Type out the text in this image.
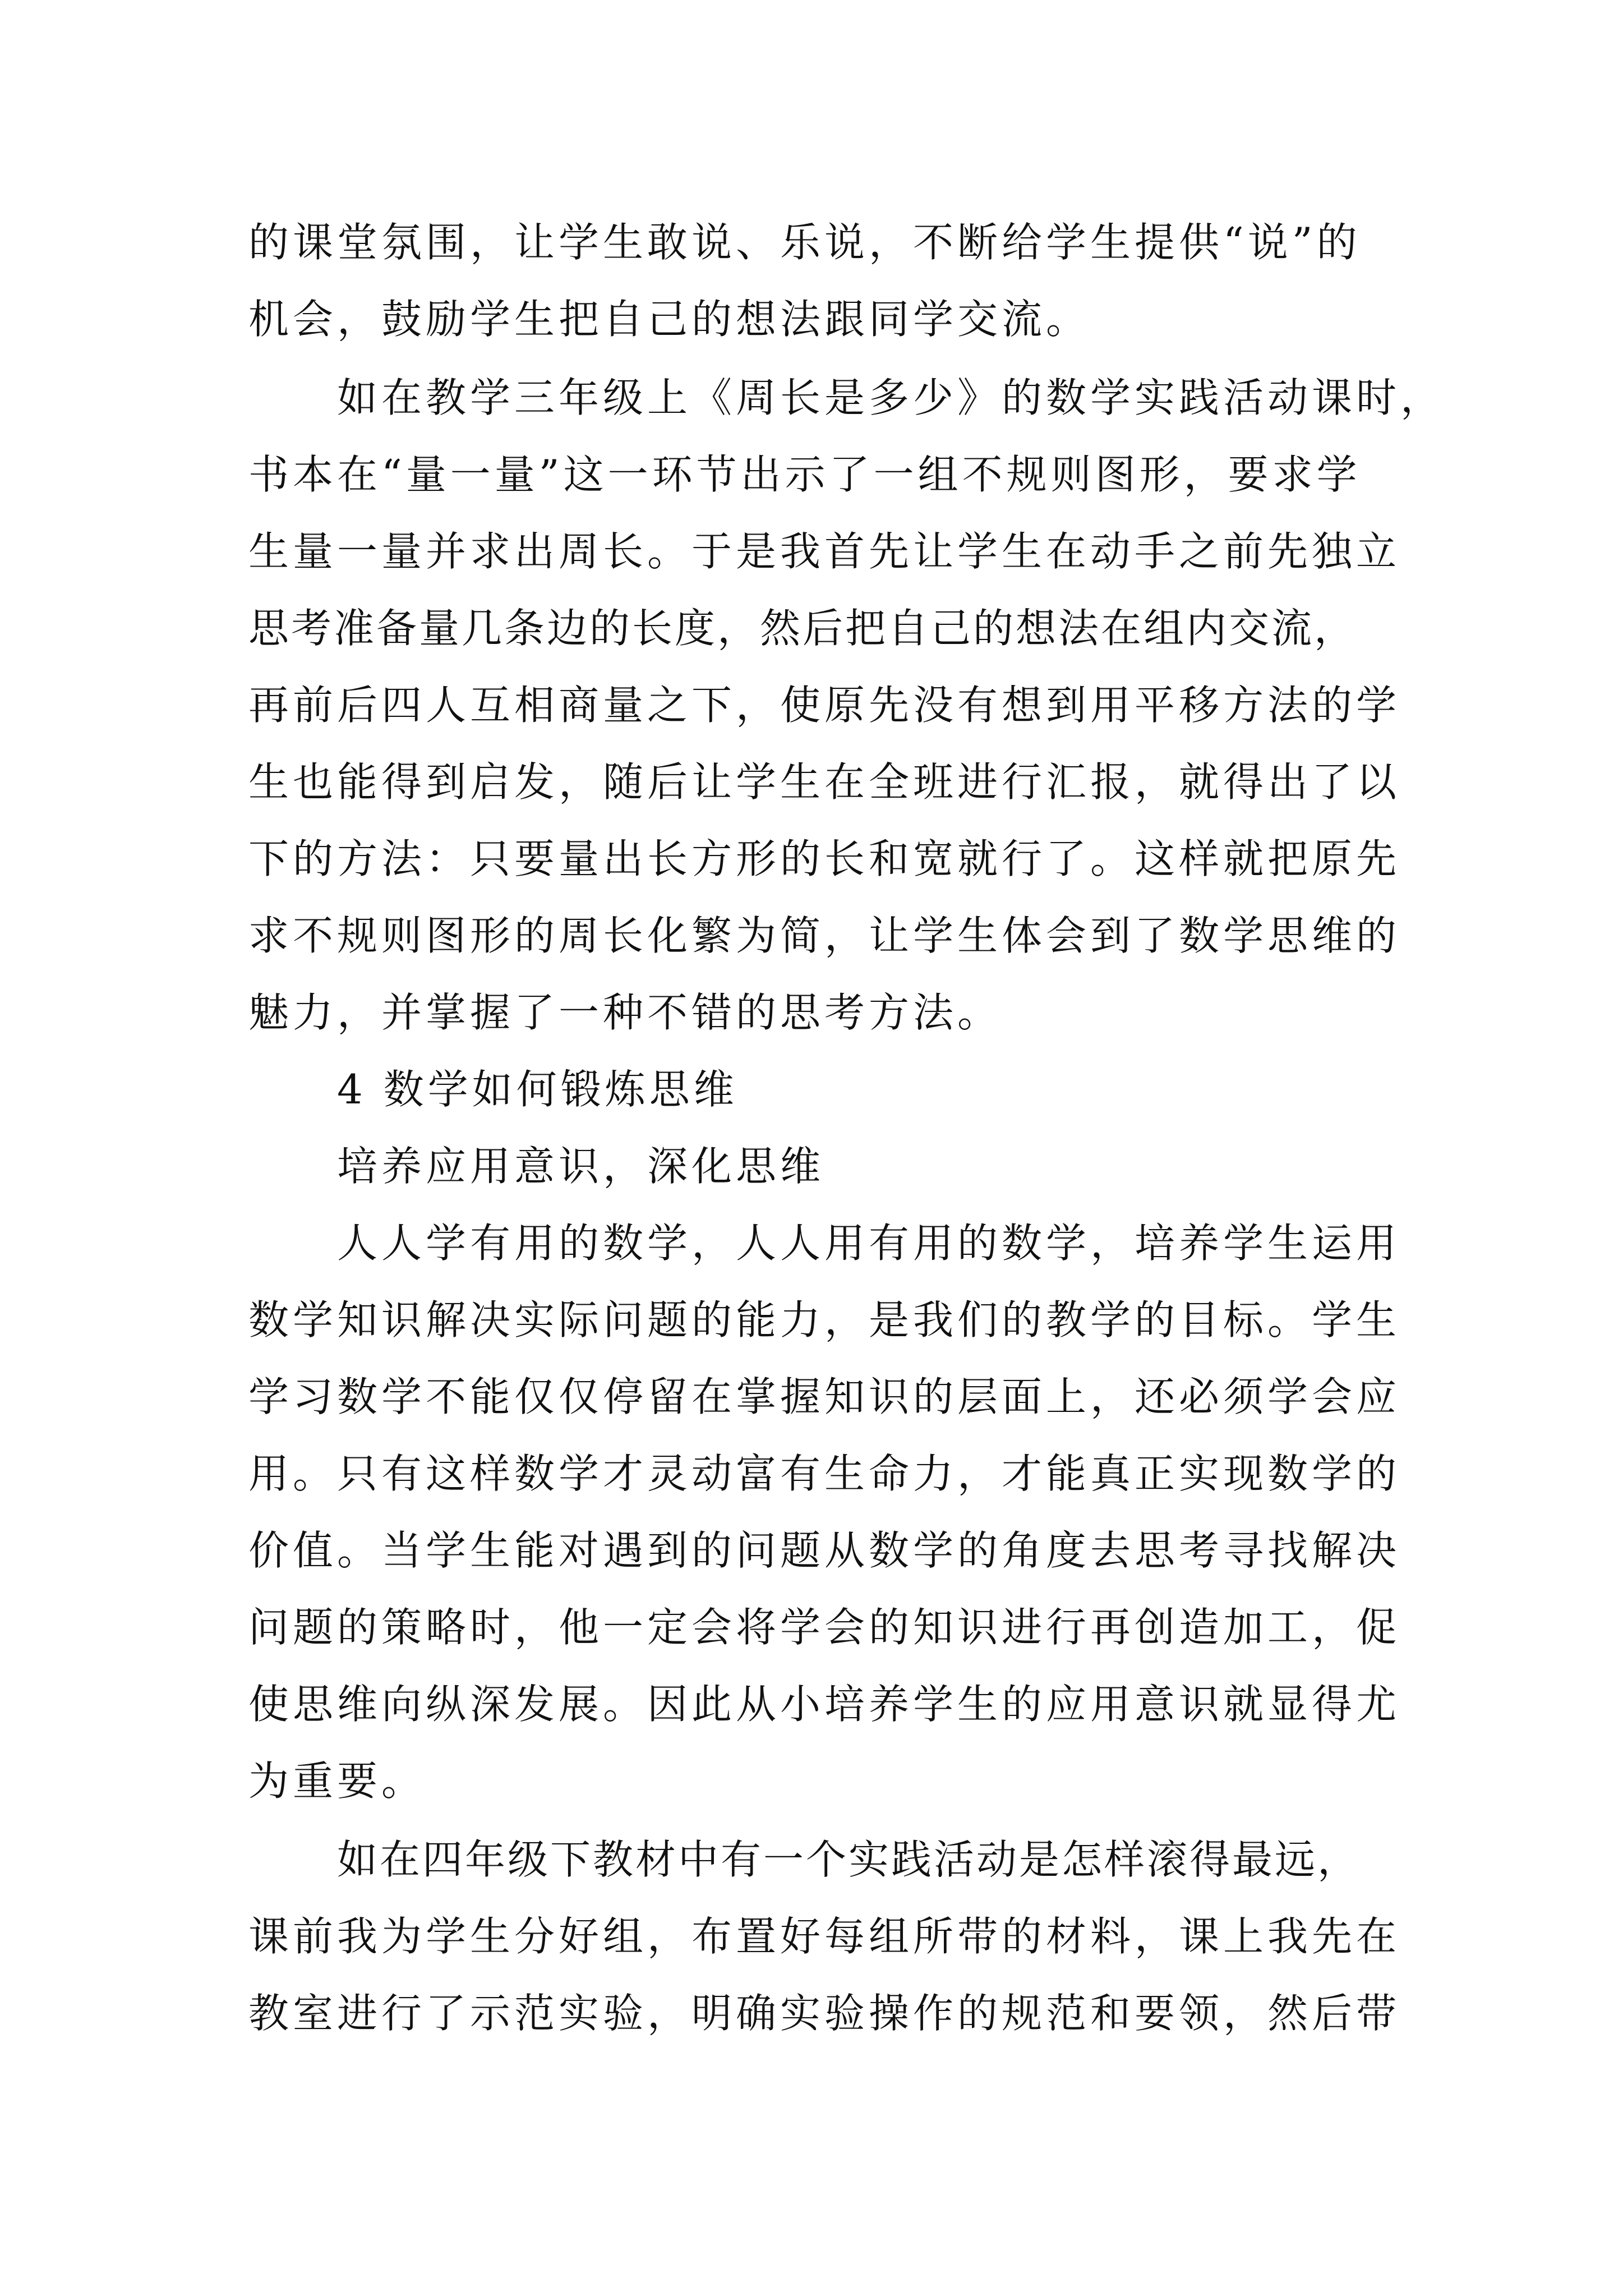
的课堂氛围，让学生敢说、乐说，不断给学生提供“说”的
机会，鼓励学生把自己的想法跟同学交流。
如在教学三年级上《周长是多少》的数学实践活动课时，
书本在“量一量”这一环节出示了一组不规则图形，要求学
生量一量并求出周长。于是我首先让学生在动手之前先独立
思考准备量几条边的长度，然后把自己的想法在组内交流，
再前后四人互相商量之下，使原先没有想到用平移方法的学
生也能得到启发，随后让学生在全班进行汇报，就得出了以
下的方法：只要量出长方形的长和宽就行了。这样就把原先
求不规则图形的周长化繁为简，让学生体会到了数学思维的
魅力，并掌握了一种不错的思考方法。
4 数学如何锻炼思维
培养应用意识，深化思维
人人学有用的数学，人人用有用的数学，培养学生运用
数学知识解决实际问题的能力，是我们的教学的目标。学生
学习数学不能仅仅停留在掌握知识的层面上，还必须学会应
用。只有这样数学才灵动富有生命力，才能真正实现数学的
价值。当学生能对遇到的问题从数学的角度去思考寻找解决
问题的策略时，他一定会将学会的知识进行再创造加工，促
使思维向纵深发展。因此从小培养学生的应用意识就显得尤
为重要。
如在四年级下教材中有一个实践活动是怎样滚得最远，
课前我为学生分好组，布置好每组所带的材料，课上我先在
教室进行了示范实验，明确实验操作的规范和要领，然后带
